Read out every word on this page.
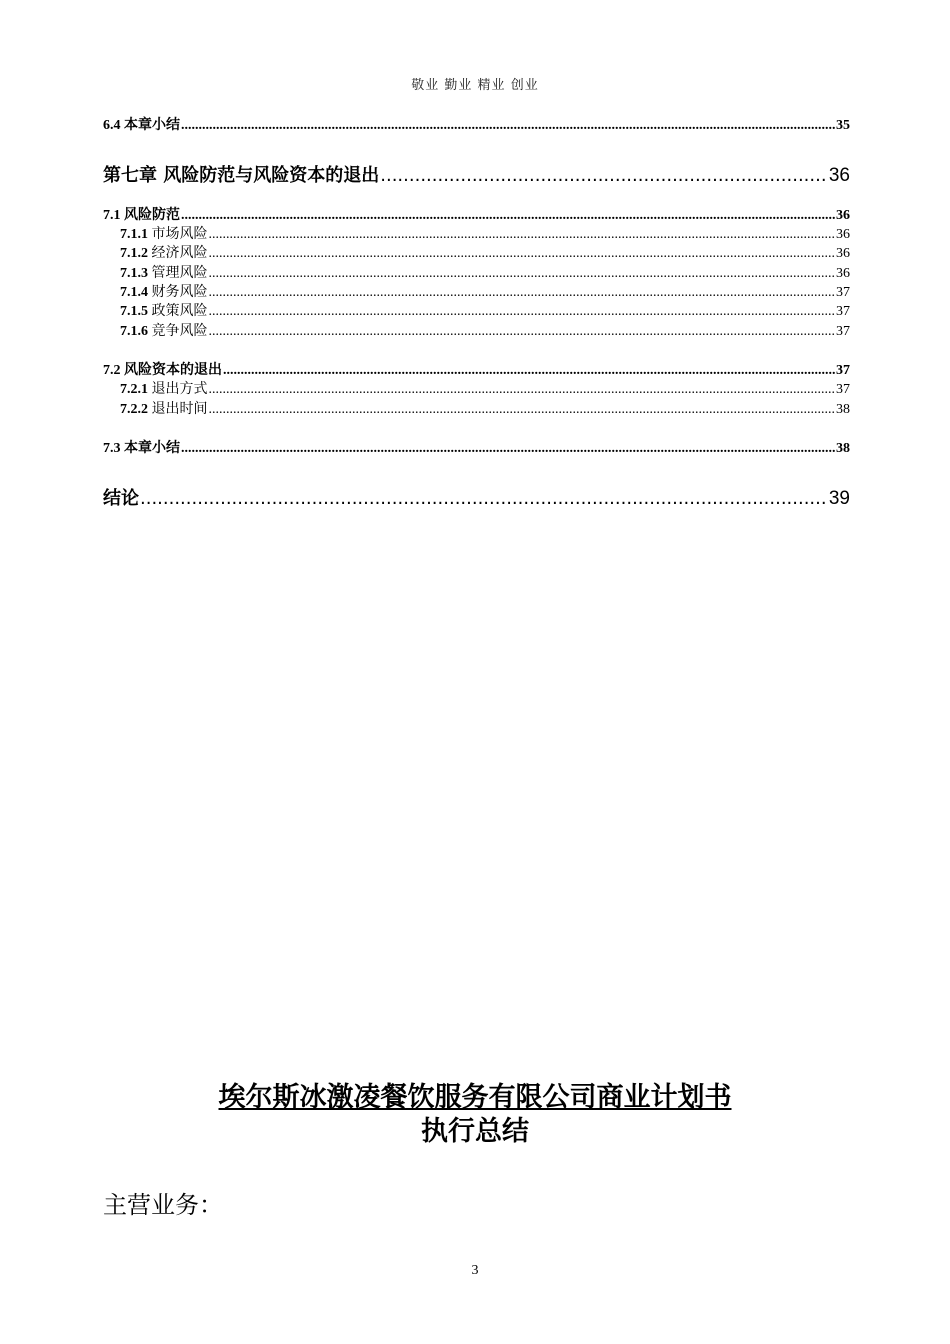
敬业 勤业 精业 创业
6.4 本章小结 .....	35
第七章 风险防范与风险资本的退出 .....	36
7.1 风险防范 .....	36
7.1.1 市场风险 .....	36
7.1.2 经济风险 .....	36
7.1.3 管理风险 .....	36
7.1.4 财务风险 .....	37
7.1.5 政策风险 .....	37
7.1.6 竞争风险 .....	37
7.2 风险资本的退出 .....	37
7.2.1 退出方式 .....	37
7.2.2 退出时间 .....	38
7.3 本章小结 .....	38
结论 .....	39
埃尔斯冰激凌餐饮服务有限公司商业计划书
执行总结
主营业务：
3
